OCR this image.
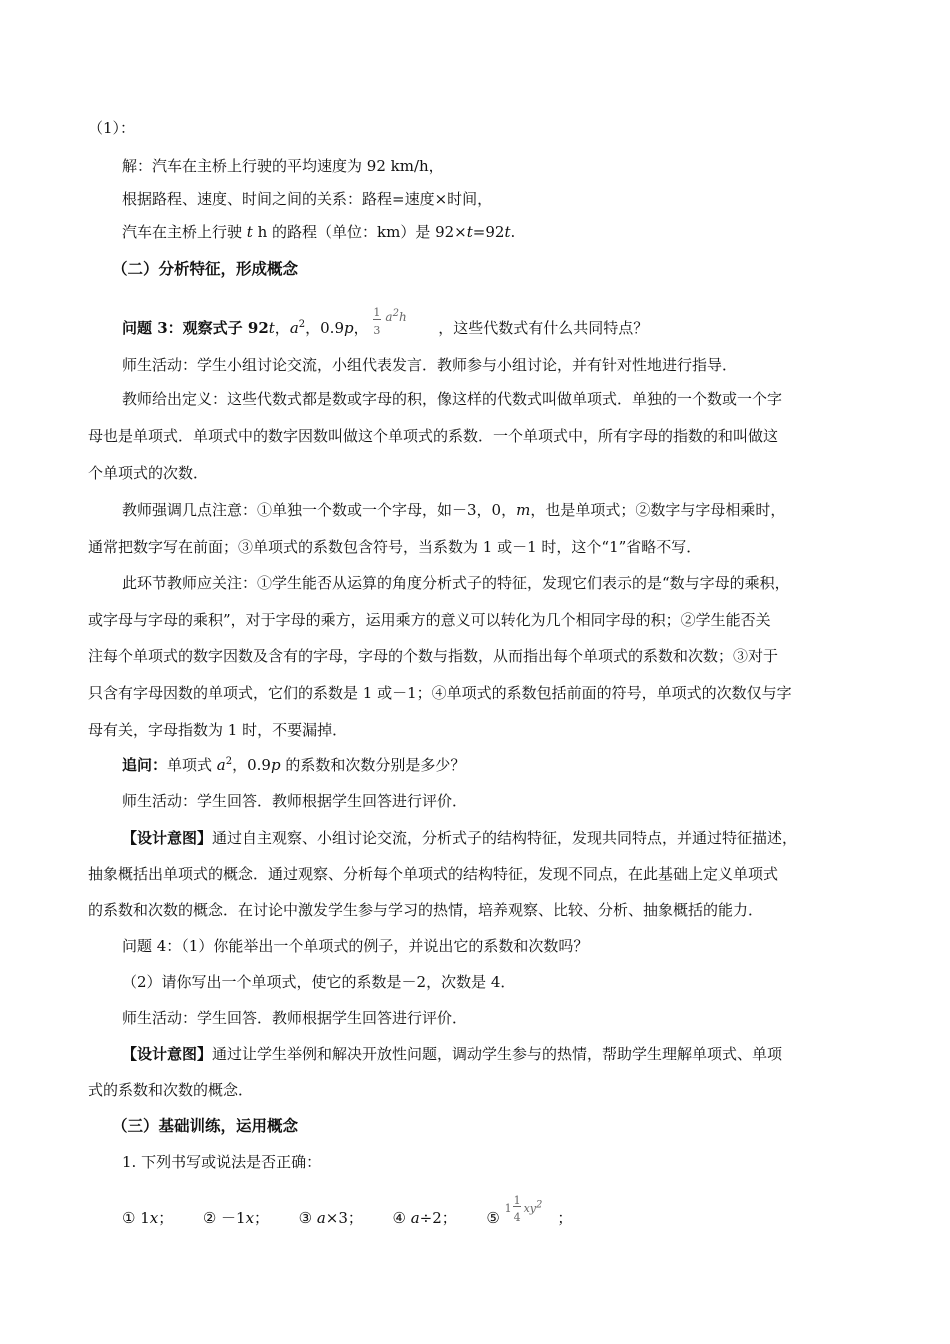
（1）：
解：汽车在主桥上行驶的平均速度为 92 km/h，
根据路程、速度、时间之间的关系：路程=速度×时间，
汽车在主桥上行驶 t h 的路程（单位：km）是 92×t=92t.
（二）分析特征，形成概念
问题 3：观察式子 92t，$a^2$，0.9p，
1
3
$a^2h$
，这些代数式有什么共同特点？
师生活动：学生小组讨论交流，小组代表发言．教师参与小组讨论，并有针对性地进行指导．
教师给出定义：这些代数式都是数或字母的积，像这样的代数式叫做单项式．单独的一个数或一个字
母也是单项式．单项式中的数字因数叫做这个单项式的系数．一个单项式中，所有字母的指数的和叫做这
个单项式的次数．
教师强调几点注意：①单独一个数或一个字母，如－3，0，m，也是单项式；②数字与字母相乘时，
通常把数字写在前面；③单项式的系数包含符号，当系数为 1 或－1 时，这个“1”省略不写．
此环节教师应关注：①学生能否从运算的角度分析式子的特征，发现它们表示的是“数与字母的乘积，
或字母与字母的乘积”，对于字母的乘方，运用乘方的意义可以转化为几个相同字母的积；②学生能否关
注每个单项式的数字因数及含有的字母，字母的个数与指数，从而指出每个单项式的系数和次数；③对于
只含有字母因数的单项式，它们的系数是 1 或－1；④单项式的系数包括前面的符号，单项式的次数仅与字
母有关，字母指数为 1 时，不要漏掉．
追问：单项式 $a^2$，0.9p 的系数和次数分别是多少？
师生活动：学生回答．教师根据学生回答进行评价．
【设计意图】通过自主观察、小组讨论交流，分析式子的结构特征，发现共同特点，并通过特征描述，
抽象概括出单项式的概念．通过观察、分析每个单项式的结构特征，发现不同点，在此基础上定义单项式
的系数和次数的概念．在讨论中激发学生参与学习的热情，培养观察、比较、分析、抽象概括的能力．
问题 4：（1）你能举出一个单项式的例子，并说出它的系数和次数吗？
（2）请你写出一个单项式，使它的系数是－2，次数是 4．
师生活动：学生回答．教师根据学生回答进行评价．
【设计意图】通过让学生举例和解决开放性问题，调动学生参与的热情，帮助学生理解单项式、单项
式的系数和次数的概念．
（三）基础训练，运用概念
1. 下列书写或说法是否正确：
① 1x； ② －1x； ③ a×3； ④ a÷2； ⑤
1
1
4
$xy^2$
；
